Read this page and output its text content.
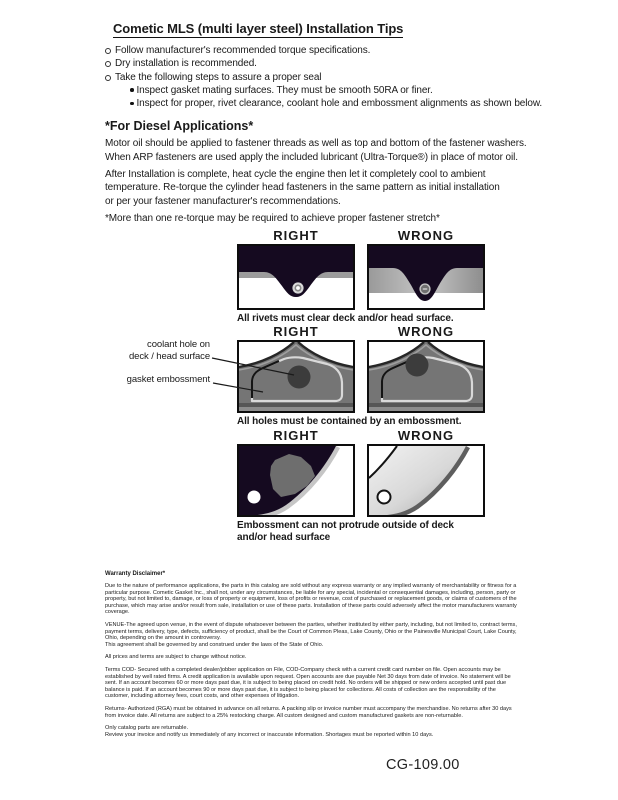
Cometic MLS (multi layer steel) Installation Tips
Follow manufacturer's recommended torque specifications.
Dry installation is recommended.
Take the following steps to assure a proper seal
Inspect gasket mating surfaces. They must be smooth 50RA or finer.
Inspect for proper, rivet clearance, coolant hole and embossment alignments as shown below.
*For Diesel Applications*
Motor oil should be applied to fastener threads as well as top and bottom of the fastener washers.
When ARP fasteners are used apply the included lubricant (Ultra-Torque®) in place of motor oil.
After Installation is complete, heat cycle the engine then let it completely cool to ambient
temperature. Re-torque the cylinder head fasteners in the same pattern as initial installation
or per your fastener manufacturer's recommendations.
*More than one re-torque may be required to achieve proper fastener stretch*
RIGHT	WRONG
All rivets must clear deck and/or head surface.
RIGHT	WRONG
All holes must be contained by an embossment.
coolant hole on
deck / head surface
gasket embossment
RIGHT	WRONG
Embossment can not protrude outside of deck
and/or head surface
Warranty Disclaimer*

Due to the nature of performance applications, the parts in this catalog are sold without any express warranty or any implied warranty of merchantability or fitness for a particular purpose. Cometic Gasket Inc., shall not, under any circumstances, be liable for any special, incidental or consequential damages, including, person, party or property, but not limited to, damage, or loss of property or equipment, loss of profits or revenue, cost of purchased or replacement goods, or claims of customers of the purchase, which may arise and/or result from sale, installation or use of these parts. Installation of these parts could adversely affect the motor manufacturers warranty coverage.

VENUE-The agreed upon venue, in the event of dispute whatsoever between the parties, whether instituted by either party, including, but not limited to, contract terms, payment terms, delivery, type, defects, sufficiency of product, shall be the Court of Common Pleas, Lake County, Ohio or the Painesville Municipal Court, Lake County, Ohio, depending on the amount in controversy.

This agreement shall be governed by and construed under the laws of the State of Ohio.

All prices and terms are subject to change without notice.

Terms COD- Secured with a completed dealer/jobber application on File, COD-Company check with a current credit card number on file. Open accounts may be established by well rated firms. A credit application is available upon request. Open accounts are due payable Net 30 days from date of invoice. No statement will be sent. If an account becomes 60 or more days past due, it is subject to being placed on credit hold. No orders will be shipped or new orders accepted until past due balance is paid. If an account becomes 90 or more days past due, it is subject to being placed for collections. All costs of collection are the responsibility of the customer, including attorney fees, court costs, and other expenses of litigation.

Returns- Authorized (RGA) must be obtained in advance on all returns. A packing slip or invoice number must accompany the merchandise. No returns after 30 days from invoice date. All returns are subject to a 25% restocking charge. All custom designed and custom manufactured gaskets are non-returnable.

Only catalog parts are returnable.

Review your invoice and notify us immediately of any incorrect or inaccurate information. Shortages must be reported within 10 days.

CG-109.00
